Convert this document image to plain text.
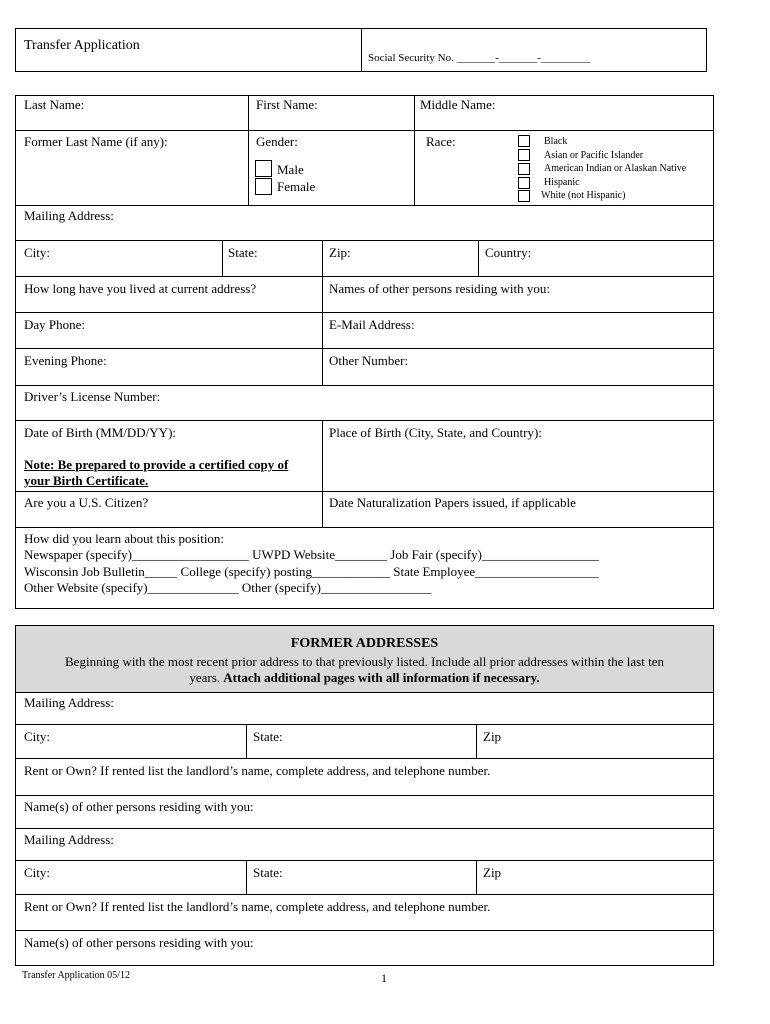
Transfer Application
Social Security No. _______-_______-_________
Last Name:	First Name:	Middle Name:
Former Last Name (if any):	Gender:
Male
Female
Race:	Black
Asian or Pacific Islander
American Indian or Alaskan Native
Hispanic
White (not Hispanic)
Mailing Address:
City:	State:	Zip:	Country:
How long have you lived at current address?	Names of other persons residing with you:
Day Phone:	E-Mail Address:
Evening Phone:	Other Number:
Driver’s License Number:
Date of Birth (MM/DD/YY):	Place of Birth (City, State, and Country):
Note: Be prepared to provide a certified copy of
your Birth Certificate.
Are you a U.S. Citizen?	Date Naturalization Papers issued, if applicable
How did you learn about this position:
Newspaper (specify)__________________ UWPD Website________ Job Fair (specify)__________________
Wisconsin Job Bulletin_____ College (specify) posting____________ State Employee___________________
Other Website (specify)______________ Other (specify)_________________
FORMER ADDRESSES
Beginning with the most recent prior address to that previously listed. Include all prior addresses within the last ten
years. Attach additional pages with all information if necessary.
Mailing Address:
City:	State:	Zip
Rent or Own? If rented list the landlord’s name, complete address, and telephone number.
Name(s) of other persons residing with you:
Mailing Address:
City:	State:	Zip
Rent or Own? If rented list the landlord’s name, complete address, and telephone number.
Name(s) of other persons residing with you:
Transfer Application 05/12	1
